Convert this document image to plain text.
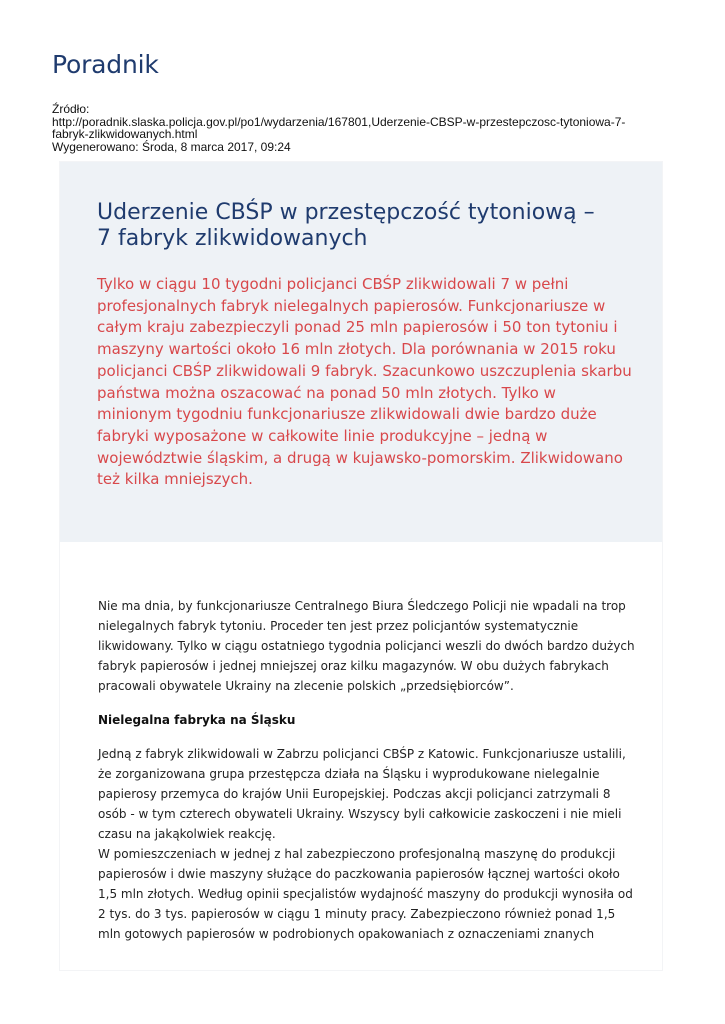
Poradnik
Źródło:
http://poradnik.slaska.policja.gov.pl/po1/wydarzenia/167801,Uderzenie-CBSP-w-przestepczosc-tytoniowa-7-
fabryk-zlikwidowanych.html
Wygenerowano: Środa, 8 marca 2017, 09:24
Uderzenie CBŚP w przestępczość tytoniową –
7 fabryk zlikwidowanych

Tylko w ciągu 10 tygodni policjanci CBŚP zlikwidowali 7 w pełni profesjonalnych fabryk nielegalnych papierosów. Funkcjonariusze w całym kraju zabezpieczyli ponad 25 mln papierosów i 50 ton tytoniu i maszyny wartości około 16 mln złotych. Dla porównania w 2015 roku policjanci CBŚP zlikwidowali 9 fabryk. Szacunkowo uszczuplenia skarbu państwa można oszacować na ponad 50 mln złotych. Tylko w minionym tygodniu funkcjonariusze zlikwidowali dwie bardzo duże fabryki wyposażone w całkowite linie produkcyjne – jedną w województwie śląskim, a drugą w kujawsko-pomorskim. Zlikwidowano też kilka mniejszych.

Nie ma dnia, by funkcjonariusze Centralnego Biura Śledczego Policji nie wpadali na trop nielegalnych fabryk tytoniu. Proceder ten jest przez policjantów systematycznie likwidowany. Tylko w ciągu ostatniego tygodnia policjanci weszli do dwóch bardzo dużych fabryk papierosów i jednej mniejszej oraz kilku magazynów. W obu dużych fabrykach pracowali obywatele Ukrainy na zlecenie polskich „przedsiębiorców”.

Nielegalna fabryka na Śląsku

Jedną z fabryk zlikwidowali w Zabrzu policjanci CBŚP z Katowic. Funkcjonariusze ustalili, że zorganizowana grupa przestępcza działa na Śląsku i wyprodukowane nielegalnie papierosy przemyca do krajów Unii Europejskiej. Podczas akcji policjanci zatrzymali 8 osób - w tym czterech obywateli Ukrainy. Wszyscy byli całkowicie zaskoczeni i nie mieli czasu na jakąkolwiek reakcję.

W pomieszczeniach w jednej z hal zabezpieczono profesjonalną maszynę do produkcji papierosów i dwie maszyny służące do paczkowania papierosów łącznej wartości około 1,5 mln złotych. Według opinii specjalistów wydajność maszyny do produkcji wynosiła od 2 tys. do 3 tys. papierosów w ciągu 1 minuty pracy. Zabezpieczono również ponad 1,5 mln gotowych papierosów w podrobionych opakowaniach z oznaczeniami znanych
